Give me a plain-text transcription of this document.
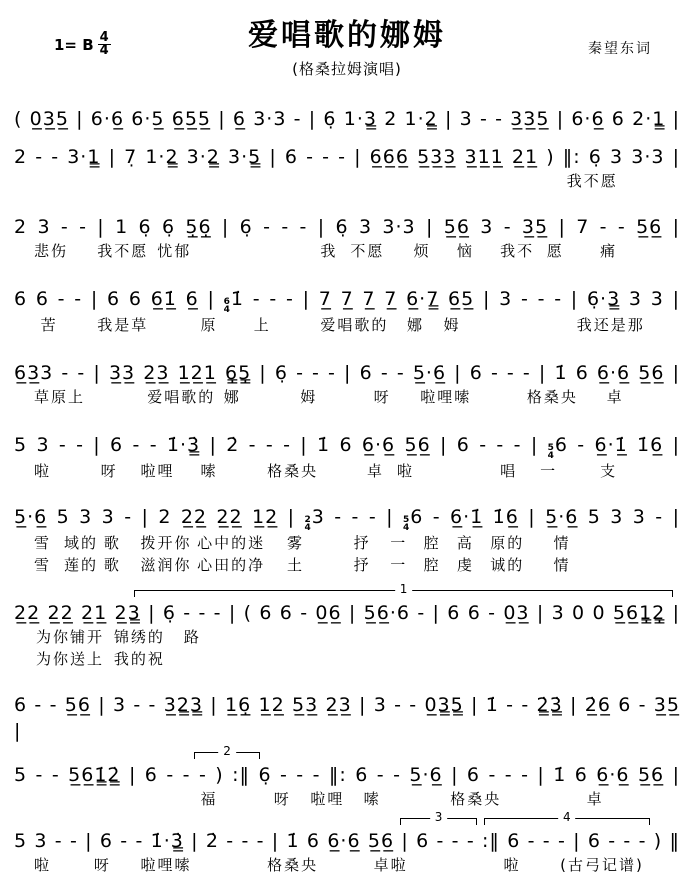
1= B $\frac{4}{4}$	爱唱歌的娜姆
(格桑拉姆演唱)
秦望东词
( 0̲3̲5̲ | 6·6̲ 6·5̲ 6̲5̲5̲ | 6̲ 3·3 - | 6̣ 1·3̳ 2 1·2̳ | 3 - - 3̲3̲5̲ | 6·6̲ 6 2·1̳ |
2 - - 3·1̳ | 7̣ 1·2̳ 3·2̳ 3·5̳ | 6 - - - | 6̲6̲6̲ 5̲3̲3̲ 3̲1̲1̲ 2̲1̲ ) ‖: 6̣ 3 3·3 |
我不愿
2 3 - - | 1 6̣ 6̣ 5̲̣6̲̣ | 6̣ - - - | 6̣ 3 3·3 | 5̲6̲ 3 - 3̲5̲ | 7 - - 5̲6̲ |
悲伤 我不愿 忧郁	我 不愿 烦 恼 我不 愿 痛
6 6 - - | 6 6 6̲1̲̇ 6̲ | 6
4 1̇ - - - | 7̲ 7̲ 7̲ 7̲ 6̲·7̳ 6̲5̲ | 3 - - - | 6̣·3̳ 3 3 |
苦	我是草	原 上	爱唱歌的 娜 姆	我还是那
6̲3̲3 - - | 3̲3̲ 2̲3̲ 1̲2̲1̲ 6̳̣5̳̣ | 6̣ - - - | 6 - - 5̲·6̲ | 6 - - - | 1̇ 6 6̲·6̲ 5̲6̲ |
草原上	爱唱歌的 娜	姆	呀 啦哩嗦	格桑央 卓
5 3 - - | 6 - - 1̇·3̳̇ | 2̇ - - - | 1̇ 6 6̲·6̲ 5̲6̲ | 6 - - - | 5
4 6 - 6̲·1̲̇ 1̇6̲ |
啦	呀 啦哩 嗦	格桑央	卓 啦	唱 一	支
5̲·6̲ 5 3 3 - | 2 2̲2̲ 2̲2̲ 1̲2̲ | 2
4 3 - - - | 5
4 6 - 6̲·1̲̇ 1̇6̲ | 5̲·6̲ 5 3 3 - |
雪 域的 歌 拨开你 心中的迷 雾	抒 一 腔 高 原的 情
雪 莲的 歌 滋润你 心田的净 土	抒 一 腔 虔 诚的 情
1
2̲2̲ 2̲2̲ 2̲1̲ 2̲3̳ | 6̣ - - - | ( 6 6 - 0̲6̲ | 5̲6̲·6 - | 6 6 - 0̲3̲ | 3 0 0 5̲6̲1̳̣2̳̣ |
为你铺开 锦绣的 路
为你送上 我的祝
6 - - 5̲6̲ | 3 - - 3̲2̳3̳ | 1̲6̲̣ 1̲2̲ 5̲3̲ 2̲3̲ | 3 - - 0̲3̳5̳ | 1̇ - - 2̳̇3̳̇ | 2̲̇6̲ 6 - 3̲5̲ |
2
5 - - 5̲6̲1̳̇2̳̇ | 6 - - - ) :‖ 6̣ - - - ‖: 6 - - 5̲·6̲ | 6 - - - | 1̇ 6 6̲·6̲ 5̲6̲ |
福	呀 啦哩 嗦	格桑央	卓
3	4
5 3 - - | 6 - - 1̇·3̳̇ | 2̇ - - - | 1̇ 6 6̲·6̲ 5̲6̲ | 6 - - - :‖ 6 - - - | 6 - - - ) ‖
啦	呀 啦哩嗦	格桑央	卓啦	啦	(古弓记谱)
